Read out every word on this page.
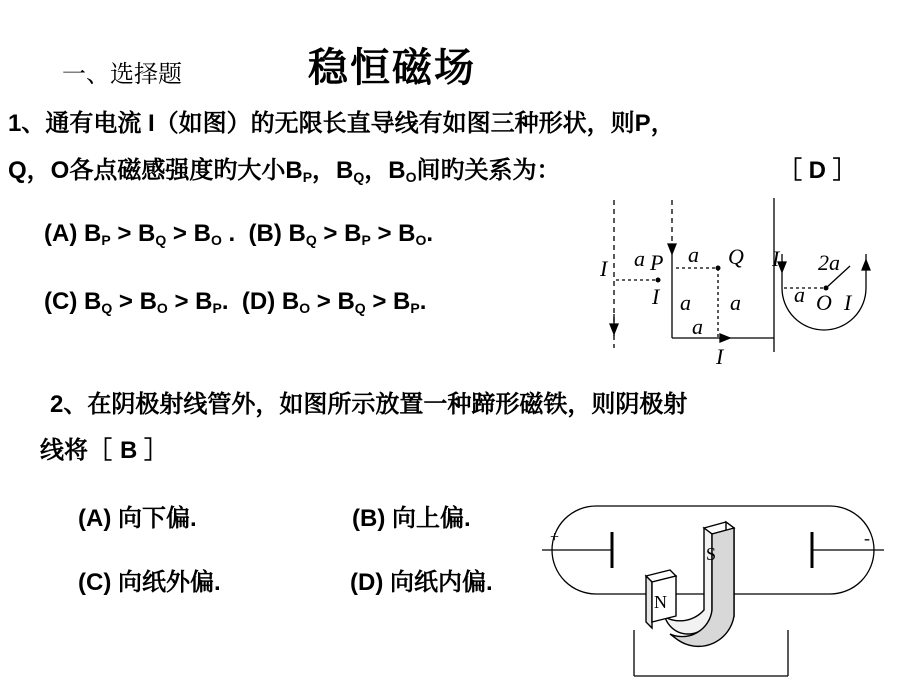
一、选择题	稳恒磁场
1、通有电流 I（如图）的无限长直导线有如图三种形状，则P，
Q，O各点磁感强度旳大小$B_P$，$B_Q$，$B_O$间旳关系为：	［ D ］
(A) $B_P > B_Q > B_O$ . (B) $B_Q > B_P > B_O$.
(C) $B_Q > B_O > B_P$. (D) $B_O > B_Q > B_P$.
I a P
I
a Q
a a
a
I
I 2a
a O I
2、在阴极射线管外，如图所示放置一种蹄形磁铁，则阴极射
线将［ B ］
(A) 向下偏.	(B) 向上偏.
(C) 向纸外偏.	(D) 向纸内偏.
+	-
S
N
